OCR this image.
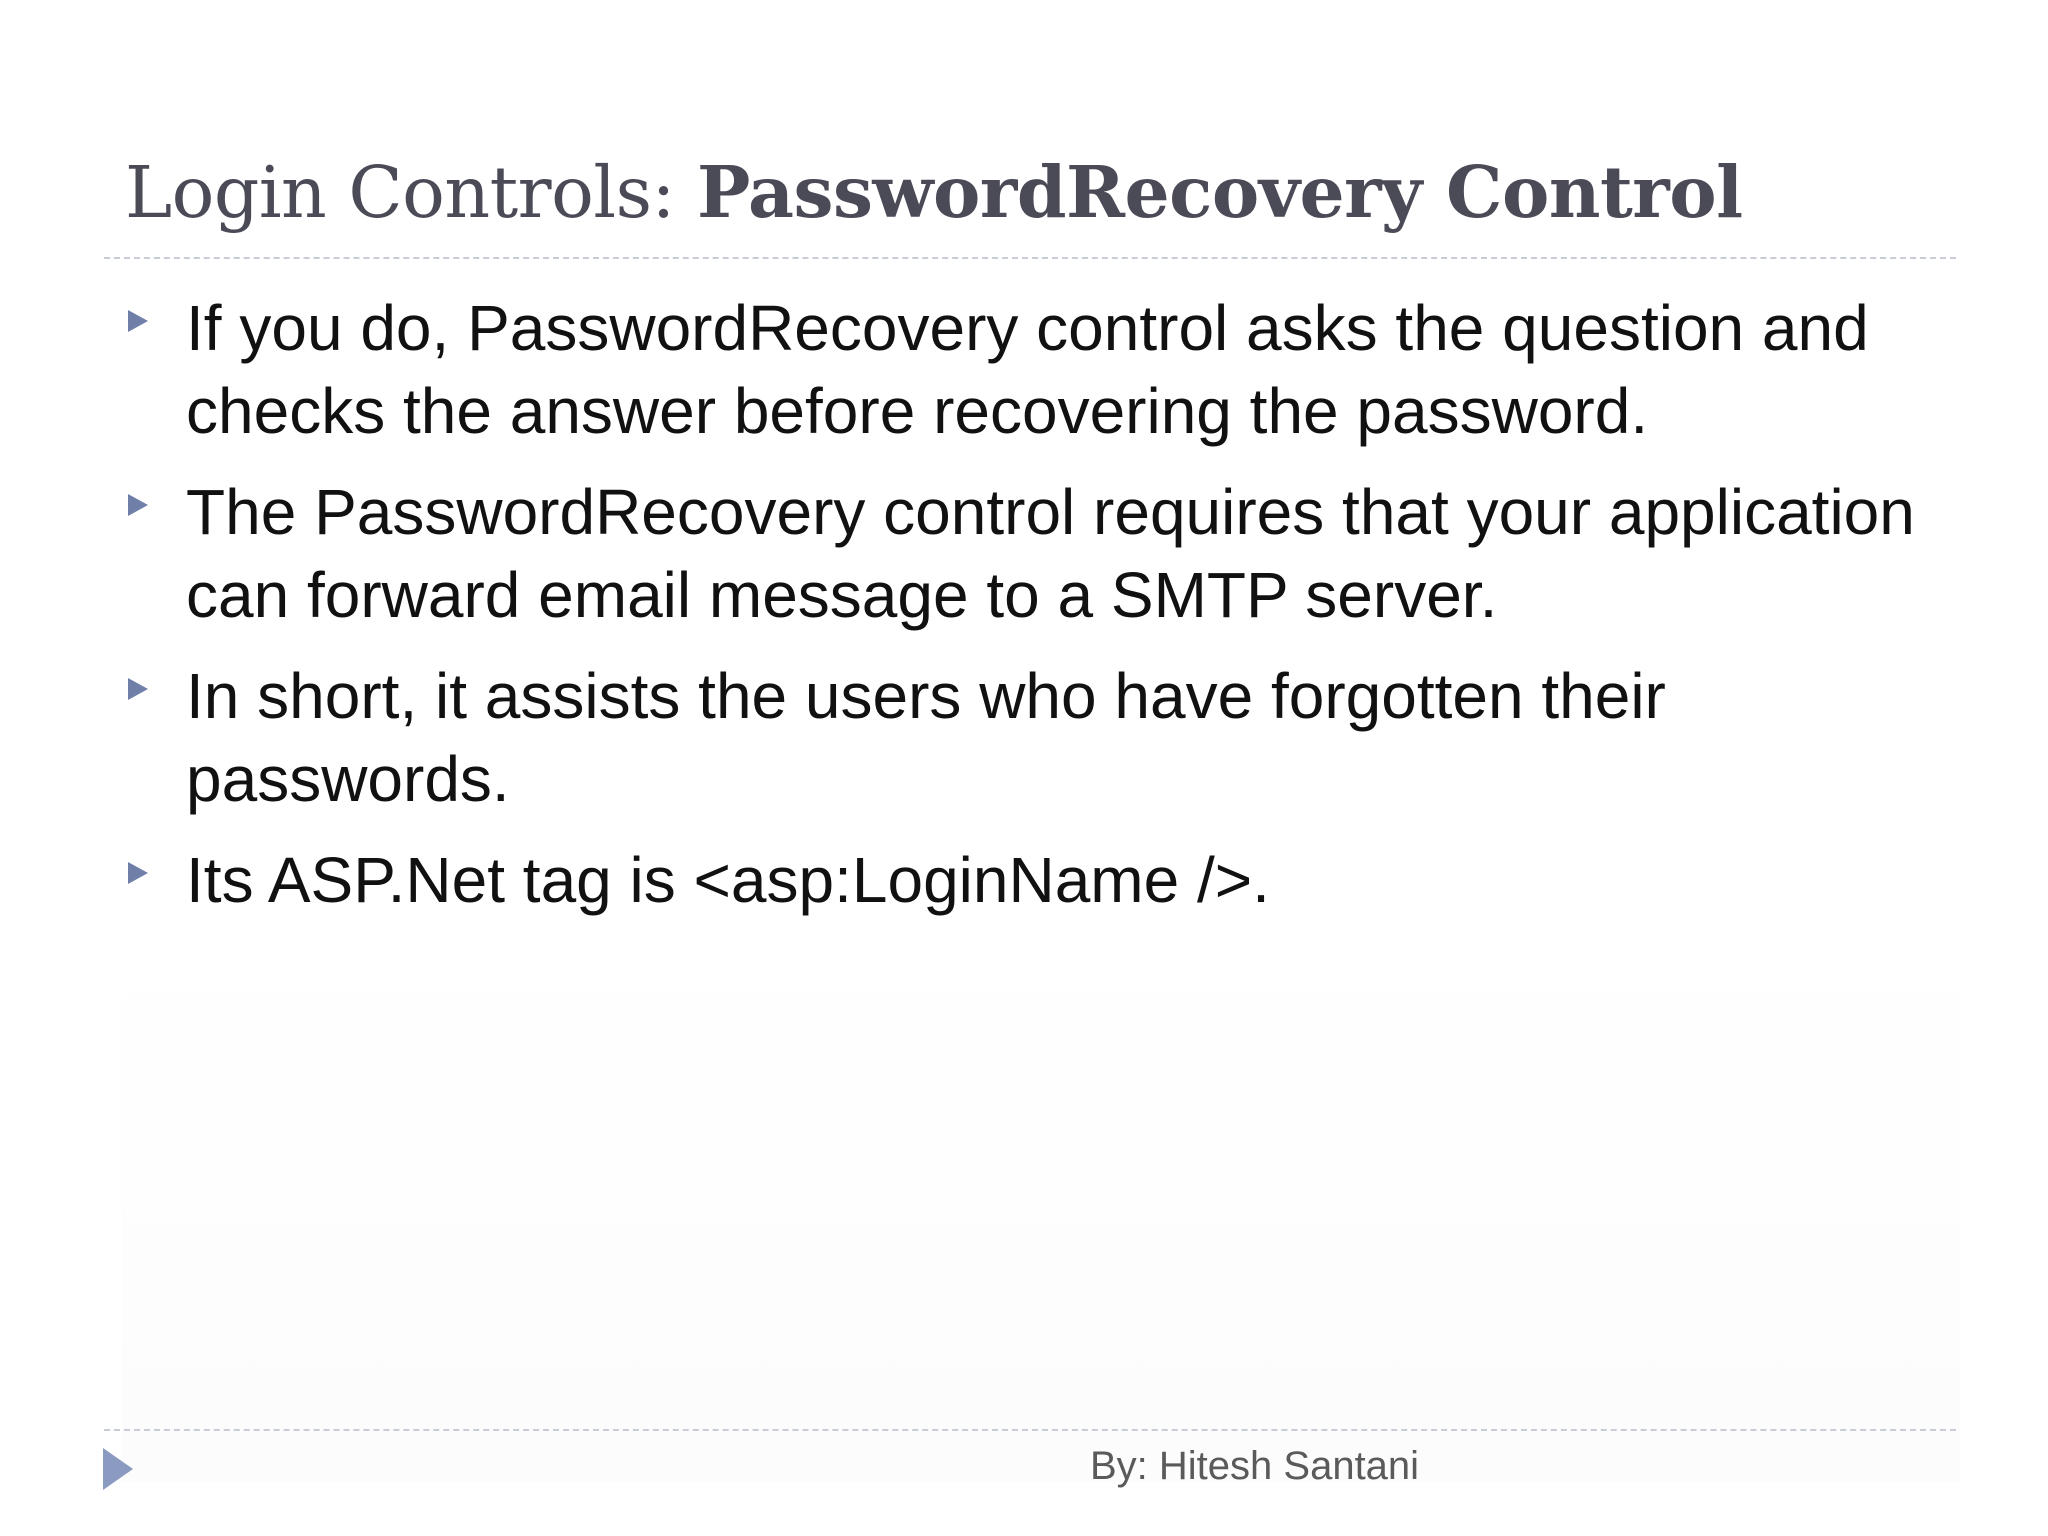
Login Controls: PasswordRecovery Control
If you do, PasswordRecovery control asks the question and checks the answer before recovering the password.
The PasswordRecovery control requires that your application can forward email message to a SMTP server.
In short, it assists the users who have forgotten their passwords.
Its ASP.Net tag is <asp:LoginName />.
By: Hitesh Santani
